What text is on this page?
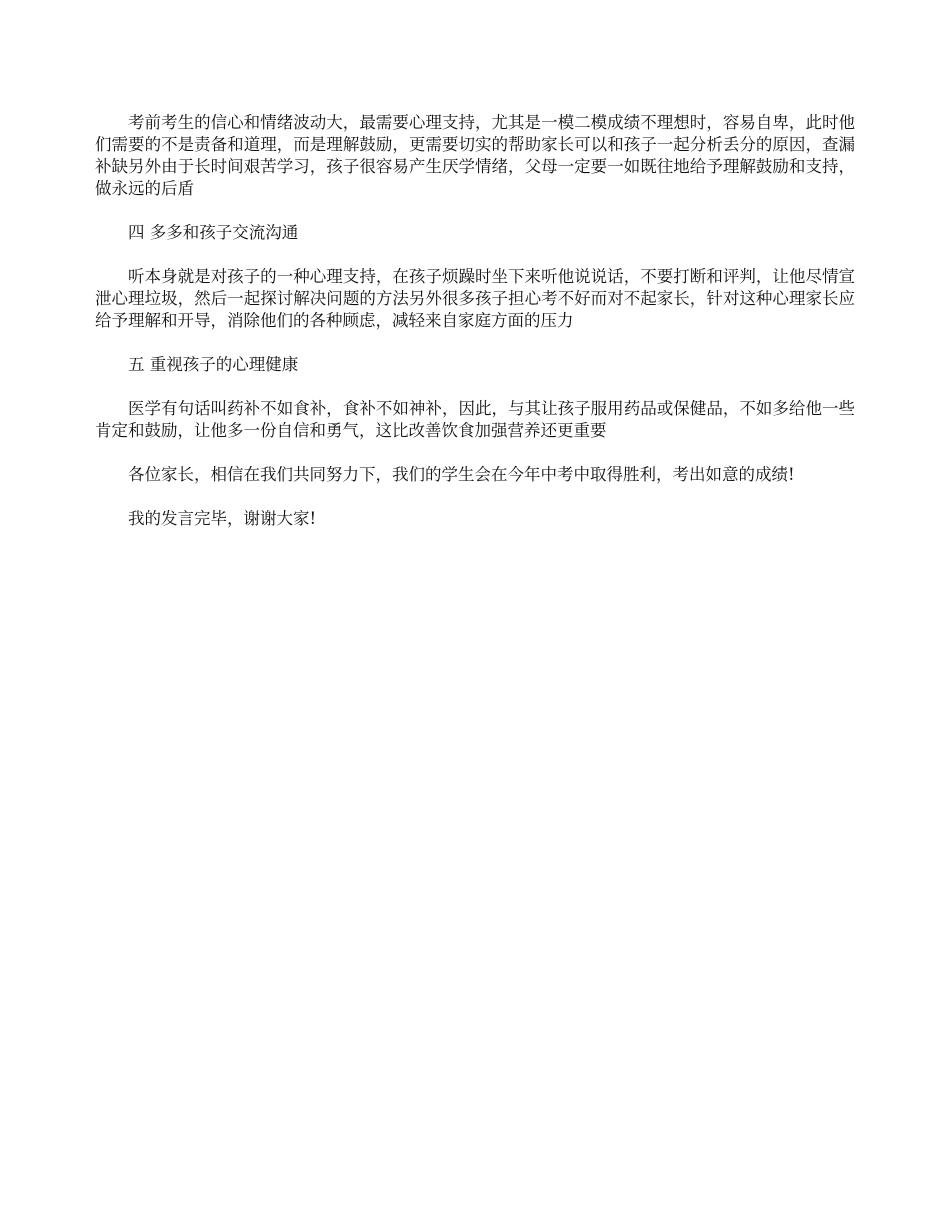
考前考生的信心和情绪波动大，最需要心理支持，尤其是一模二模成绩不理想时，容易自卑，此时他们需要的不是责备和道理，而是理解鼓励，更需要切实的帮助家长可以和孩子一起分析丢分的原因，查漏补缺另外由于长时间艰苦学习，孩子很容易产生厌学情绪，父母一定要一如既往地给予理解鼓励和支持，做永远的后盾

四 多多和孩子交流沟通

听本身就是对孩子的一种心理支持，在孩子烦躁时坐下来听他说说话，不要打断和评判，让他尽情宣泄心理垃圾，然后一起探讨解决问题的方法另外很多孩子担心考不好而对不起家长，针对这种心理家长应给予理解和开导，消除他们的各种顾虑，减轻来自家庭方面的压力

五 重视孩子的心理健康

医学有句话叫药补不如食补，食补不如神补，因此，与其让孩子服用药品或保健品，不如多给他一些肯定和鼓励，让他多一份自信和勇气，这比改善饮食加强营养还更重要

各位家长，相信在我们共同努力下，我们的学生会在今年中考中取得胜利，考出如意的成绩!

我的发言完毕，谢谢大家!
